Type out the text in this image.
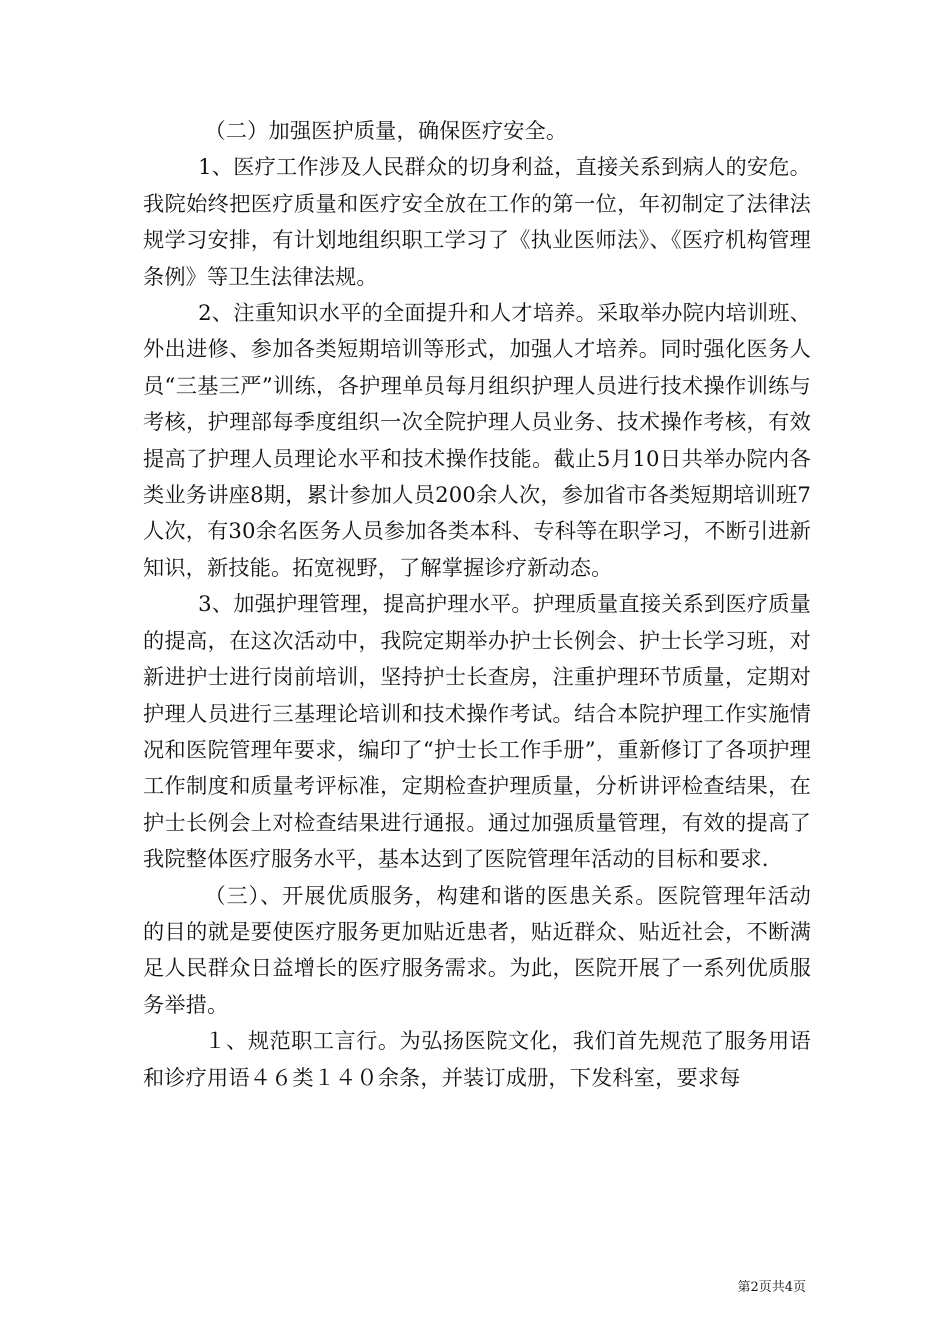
（二）加强医护质量，确保医疗安全。

1、医疗工作涉及人民群众的切身利益，直接关系到病人的安危。我院始终把医疗质量和医疗安全放在工作的第一位，年初制定了法律法规学习安排，有计划地组织职工学习了《执业医师法》、《医疗机构管理条例》等卫生法律法规。

2、注重知识水平的全面提升和人才培养。采取举办院内培训班、外出进修、参加各类短期培训等形式，加强人才培养。同时强化医务人员“三基三严”训练，各护理单员每月组织护理人员进行技术操作训练与考核，护理部每季度组织一次全院护理人员业务、技术操作考核，有效提高了护理人员理论水平和技术操作技能。截止5月10日共举办院内各类业务讲座8期，累计参加人员200余人次，参加省市各类短期培训班7人次，有30余名医务人员参加各类本科、专科等在职学习，不断引进新知识，新技能。拓宽视野，了解掌握诊疗新动态。

3、加强护理管理，提高护理水平。护理质量直接关系到医疗质量的提高，在这次活动中，我院定期举办护士长例会、护士长学习班，对新进护士进行岗前培训，坚持护士长查房，注重护理环节质量，定期对护理人员进行三基理论培训和技术操作考试。结合本院护理工作实施情况和医院管理年要求，编印了“护士长工作手册”，重新修订了各项护理工作制度和质量考评标准，定期检查护理质量，分析讲评检查结果，在护士长例会上对检查结果进行通报。通过加强质量管理，有效的提高了我院整体医疗服务水平，基本达到了医院管理年活动的目标和要求.

（三）、开展优质服务，构建和谐的医患关系。医院管理年活动的目的就是要使医疗服务更加贴近患者，贴近群众、贴近社会，不断满足人民群众日益增长的医疗服务需求。为此，医院开展了一系列优质服务举措。

１、规范职工言行。为弘扬医院文化，我们首先规范了服务用语和诊疗用语４６类１４０余条，并装订成册，下发科室，要求每

第2页共4页
